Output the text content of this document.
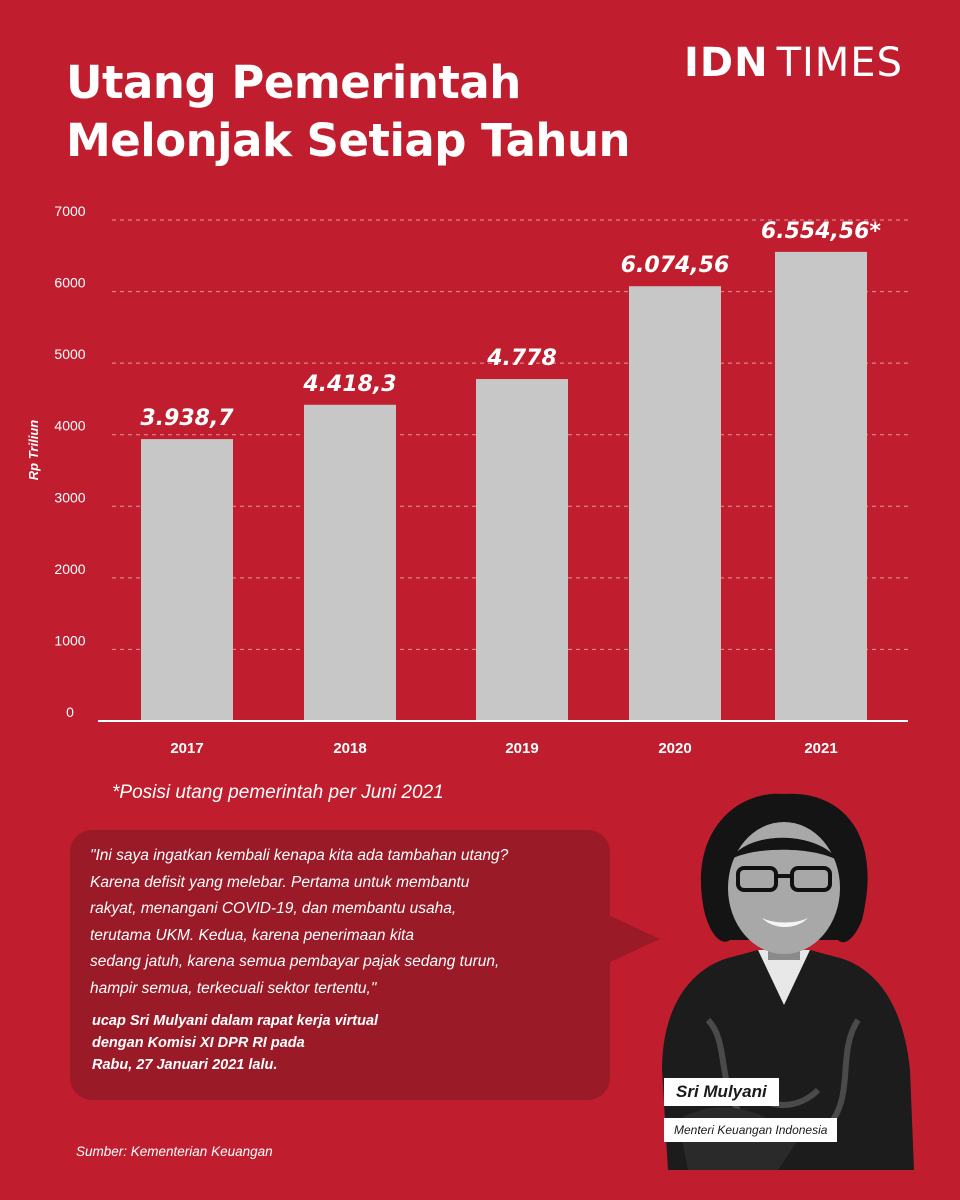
Utang Pemerintah
Melonjak Setiap Tahun
IDN TIMES
0
1000
2000
3000
4000
5000
6000
7000
3.938,7
4.418,3
4.778
6.074,56
6.554,56*
2017	2018	2019	2020	2021
Rp Triliun

*Posisi utang pemerintah per Juni 2021

"Ini saya ingatkan kembali kenapa kita ada tambahan utang?
Karena defisit yang melebar. Pertama untuk membantu
rakyat, menangani COVID-19, dan membantu usaha,
terutama UKM. Kedua, karena penerimaan kita
sedang jatuh, karena semua pembayar pajak sedang turun,
hampir semua, terkecuali sektor tertentu,"

ucap Sri Mulyani dalam rapat kerja virtual
dengan Komisi XI DPR RI pada
Rabu, 27 Januari 2021 lalu.

Sri Mulyani
Menteri Keuangan Indonesia

Sumber: Kementerian Keuangan
